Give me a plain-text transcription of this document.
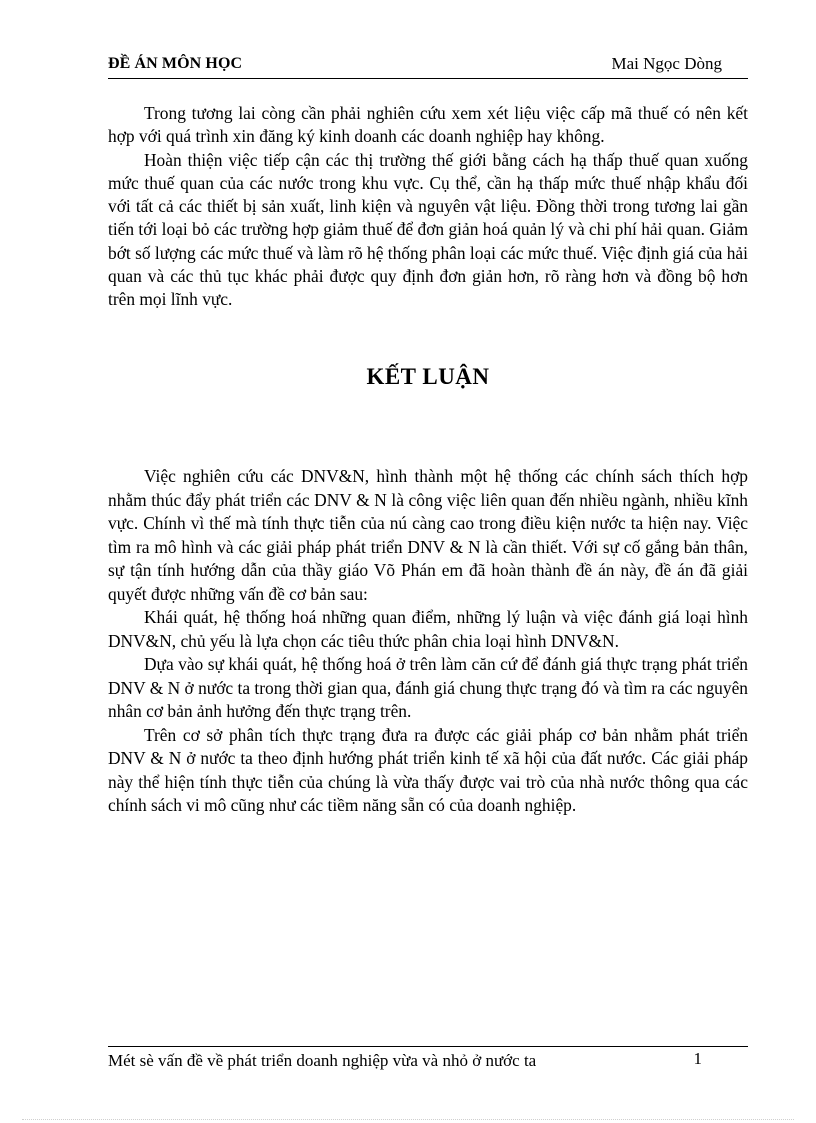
ĐỀ ÁN MÔN HỌC	Mai Ngọc Dòng

Trong tương lai còng cần phải nghiên cứu xem xét liệu việc cấp mã thuế có nên kết hợp với quá trình xin đăng ký kinh doanh các doanh nghiệp hay không.

Hoàn thiện việc tiếp cận các thị trường thế giới bằng cách hạ thấp thuế quan xuống mức thuế quan của các nước trong khu vực. Cụ thể, cần hạ thấp mức thuế nhập khẩu đối với tất cả các thiết bị sản xuất, linh kiện và nguyên vật liệu. Đồng thời trong tương lai gần tiến tới loại bỏ các trường hợp giảm thuế để đơn giản hoá quản lý và chi phí hải quan. Giảm bớt số lượng các mức thuế và làm rõ hệ thống phân loại các mức thuế. Việc định giá của hải quan và các thủ tục khác phải được quy định đơn giản hơn, rõ ràng hơn và đồng bộ hơn trên mọi lĩnh vực.

KẾT LUẬN

Việc nghiên cứu các DNV&N, hình thành một hệ thống các chính sách thích hợp nhằm thúc đẩy phát triển các DNV & N là công việc liên quan đến nhiều ngành, nhiều kĩnh vực. Chính vì thế mà tính thực tiễn của nú càng cao trong điều kiện nước ta hiện nay. Việc tìm ra mô hình và các giải pháp phát triển DNV & N là cần thiết. Với sự cố gắng bản thân, sự tận tính hướng dẫn của thầy giáo Võ Phán em đã hoàn thành đề án này, đề án đã giải quyết được những vấn đề cơ bản sau:

Khái quát, hệ thống hoá những quan điểm, những lý luận và việc đánh giá loại hình DNV&N, chủ yếu là lựa chọn các tiêu thức phân chia loại hình DNV&N.

Dựa vào sự khái quát, hệ thống hoá ở trên làm căn cứ để đánh giá thực trạng phát triển DNV & N ở nước ta trong thời gian qua, đánh giá chung thực trạng đó và tìm ra các nguyên nhân cơ bản ảnh hưởng đến thực trạng trên.

Trên cơ sở phân tích thực trạng đưa ra được các giải pháp cơ bản nhằm phát triển DNV & N ở nước ta theo định hướng phát triển kinh tế xã hội của đất nước. Các giải pháp này thể hiện tính thực tiễn của chúng là vừa thấy được vai trò của nhà nước thông qua các chính sách vi mô cũng như các tiềm năng sẵn có của doanh nghiệp.

Mét sè vấn đề về phát triển doanh nghiệp vừa và nhỏ ở nước ta	1
